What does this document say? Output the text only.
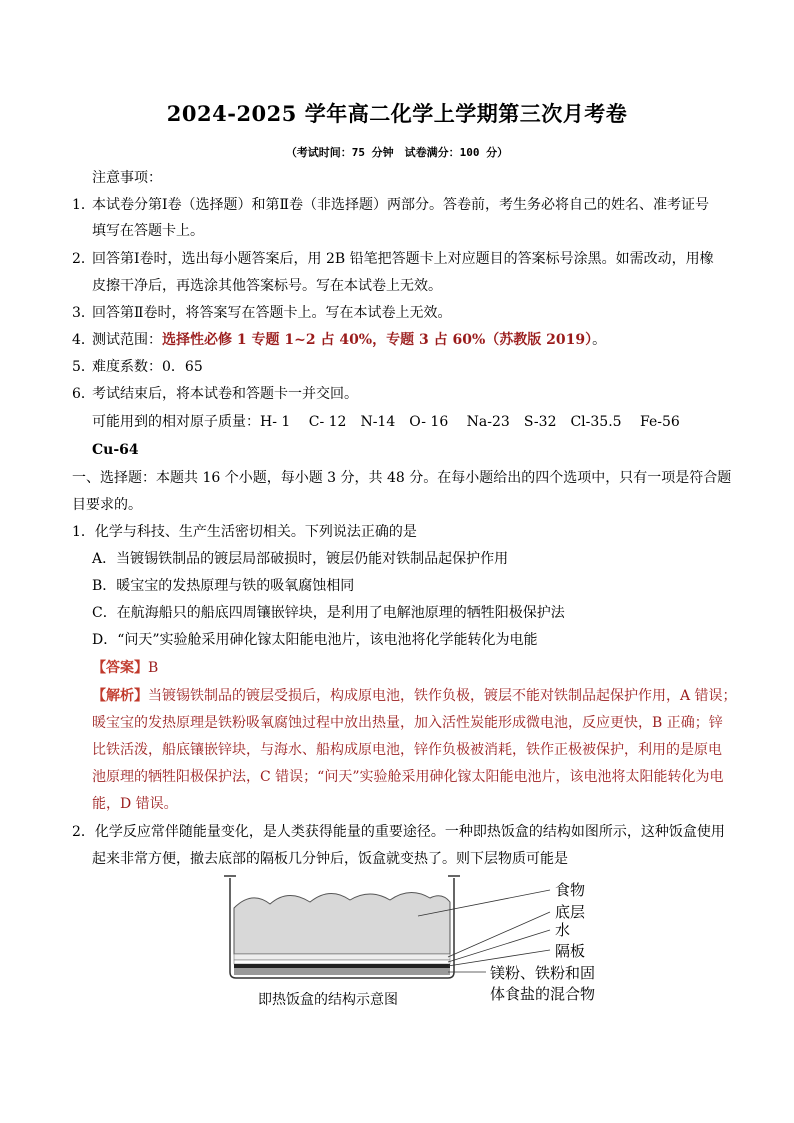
2024-2025 学年高二化学上学期第三次月考卷
（考试时间：75 分钟　试卷满分：100 分）
注意事项：
1．本试卷分第Ⅰ卷（选择题）和第Ⅱ卷（非选择题）两部分。答卷前，考生务必将自己的姓名、准考证号
填写在答题卡上。
2．回答第Ⅰ卷时，选出每小题答案后，用 2B 铅笔把答题卡上对应题目的答案标号涂黑。如需改动，用橡
皮擦干净后，再选涂其他答案标号。写在本试卷上无效。
3．回答第Ⅱ卷时，将答案写在答题卡上。写在本试卷上无效。
4．测试范围：选择性必修 1 专题 1~2 占 40%，专题 3 占 60%（苏教版 2019）。
5．难度系数：0．65
6．考试结束后，将本试卷和答题卡一并交回。
可能用到的相对原子质量：H- 1　 C- 12　N-14　O- 16　 Na-23　S-32　Cl-35.5　 Fe-56
Cu-64
一、选择题：本题共 16 个小题，每小题 3 分，共 48 分。在每小题给出的四个选项中，只有一项是符合题
目要求的。
1．化学与科技、生产生活密切相关。下列说法正确的是
A．当镀锡铁制品的镀层局部破损时，镀层仍能对铁制品起保护作用
B．暖宝宝的发热原理与铁的吸氧腐蚀相同
C．在航海船只的船底四周镶嵌锌块，是利用了电解池原理的牺牲阳极保护法
D．“问天”实验舱采用砷化镓太阳能电池片，该电池将化学能转化为电能
【答案】B
【解析】当镀锡铁制品的镀层受损后，构成原电池，铁作负极，镀层不能对铁制品起保护作用，A 错误；
暖宝宝的发热原理是铁粉吸氧腐蚀过程中放出热量，加入活性炭能形成微电池，反应更快，B 正确；锌
比铁活泼，船底镶嵌锌块，与海水、船构成原电池，锌作负极被消耗，铁作正极被保护，利用的是原电
池原理的牺牲阳极保护法，C 错误；“问天”实验舱采用砷化镓太阳能电池片，该电池将太阳能转化为电
能，D 错误。
2．化学反应常伴随能量变化，是人类获得能量的重要途径。一种即热饭盒的结构如图所示，这种饭盒使用
起来非常方便，撤去底部的隔板几分钟后，饭盒就变热了。则下层物质可能是
食物
底层
水
隔板
镁粉、铁粉和固
体食盐的混合物
即热饭盒的结构示意图
